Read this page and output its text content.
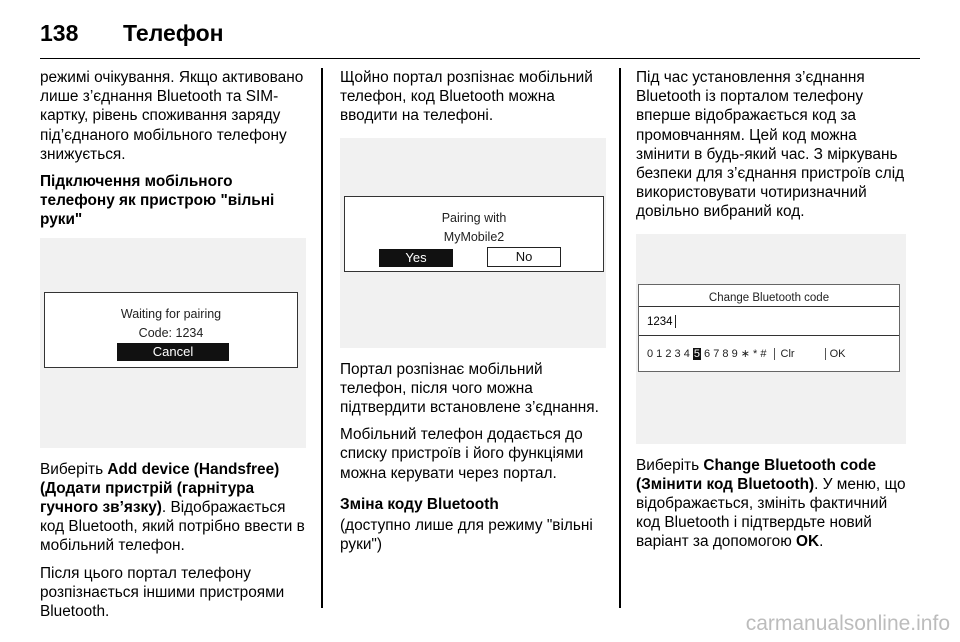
138 Телефон

режимі очікування. Якщо активовано лише з’єднання Bluetooth та SIM-картку, рівень споживання заряду під’єднаного мобільного телефону знижується.

Підключення мобільного телефону як пристрою "вільні руки"

Waiting for pairing
Code: 1234
Cancel

Виберіть Add device (Handsfree) (Додати пристрій (гарнітура гучного зв’язку). Відображається код Bluetooth, який потрібно ввести в мобільний телефон.

Після цього портал телефону розпізнається іншими пристроями Bluetooth.

Щойно портал розпізнає мобільний телефон, код Bluetooth можна вводити на телефоні.

Pairing with
MyMobile2
Yes	No

Портал розпізнає мобільний телефон, після чого можна підтвердити встановлене з’єднання.

Мобільний телефон додається до списку пристроїв і його функціями можна керувати через портал.

Зміна коду Bluetooth

(доступно лише для режиму "вільні руки")

Під час установлення з’єднання Bluetooth із порталом телефону вперше відображається код за промовчанням. Цей код можна змінити в будь-який час. З міркувань безпеки для з’єднання пристроїв слід використовувати чотиризначний довільно вибраний код.

Change Bluetooth code
1234
0 1 2 3 4 5 6 7 8 9 ∗ * # Clr	OK

Виберіть Change Bluetooth code (Змінити код Bluetooth). У меню, що відображається, змініть фактичний код Bluetooth і підтвердьте новий варіант за допомогою OK.

carmanualsonline.info
